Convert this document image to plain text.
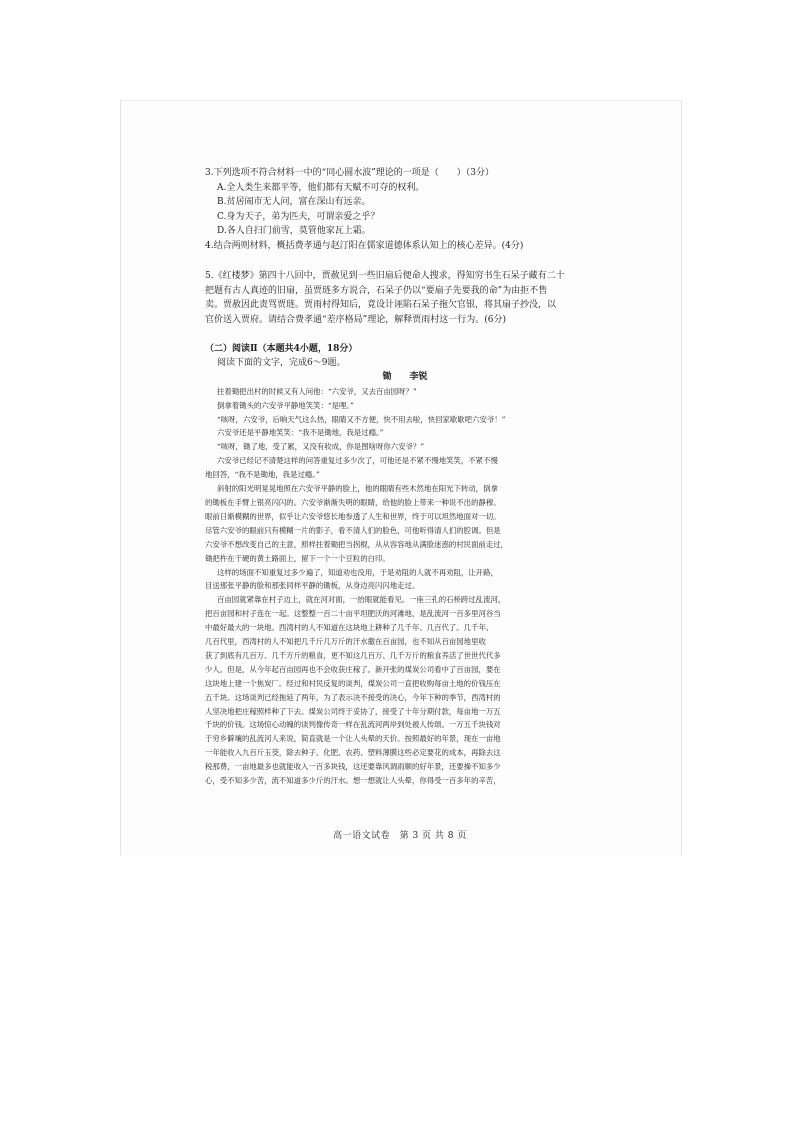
3.下列选项不符合材料一中的“同心圆水波”理论的一项是（　　）（3分）
A.全人类生来都平等，他们都有天赋不可夺的权利。
B.贫居闹市无人问，富在深山有远亲。
C.身为天子，弟为匹夫，可谓亲爱之乎？
D.各人自扫门前雪，莫管他家瓦上霜。
4.结合两则材料，概括费孝通与赵汀阳在儒家道德体系认知上的核心差异。(4分)
5.《红楼梦》第四十八回中，贾赦见到一些旧扇后便命人搜求，得知穷书生石呆子藏有二十
把题有古人真迹的旧扇，虽贾琏多方说合，石呆子仍以“要扇子先要我的命”为由拒不售
卖。贾赦因此责骂贾琏。贾雨村得知后，竟设计诬陷石呆子拖欠官银，将其扇子抄没，以
官价送入贾府。请结合费孝通“差序格局”理论，解释贾雨村这一行为。(6分)
（二）阅读Ⅱ（本题共4小题，18分）
阅读下面的文字，完成6～9题。
锄　　李锐
拄着锄把出村的时候又有人问他：“六安爷，又去百亩园呀？”
倒拿着锄头的六安爷平静地笑笑：“是哩。”
“咳呀，六安爷，后晌天气这么热，眼睛又不方便，快不用去啦，快回家歇歇吧六安爷！”
六安爷还是平静地笑笑：“我不是锄地，我是过瘾。”
“咳呀，锄了地，受了累，又没有收成，你是图啥呀你六安爷？”
六安爷已经记不清楚这样的问答重复过多少次了，可他还是不紧不慢地笑笑，不紧不慢
地回答，“我不是锄地，我是过瘾。”
斜射的阳光明晃晃地照在六安爷平静的脸上，他的眼睛有些木然地在阳光下转动，倒拿
的锄板在手臂上银亮闪闪的。六安爷渐渐失明的眼睛，给他的脸上带来一种说不出的静穆。
眼前日渐模糊的世界，似乎让六安爷悠长地参透了人生和世界，终于可以坦然地面对一切。
尽管六安爷的眼前只有模糊一片的影子，看不清人们的脸色，可他听得清人们的腔调。但是
六安爷不想改变自己的主意，照样拄着锄把当拐棍，从从容容地从满脸迷惑的村民面前走过，
锄把杵在干硬的黄土路面上，留下一个一个豆粒的白印。
这样的场面不知重复过多少遍了，知道劝也没用，于是劝阻的人就不再劝阻，让开路，
目送那张平静的脸和那张同样平静的锄板，从身边亮闪闪地走过。
百亩园就紧靠在村子边上，就在河对面，一抬眼就能看见。一座三孔的石桥跨过乱流河，
把百亩园和村子连在一起。这整整一百二十亩平坦肥沃的河滩地，是乱流河一百多里河谷当
中最好最大的一块地。西湾村的人不知道在这块地上耕种了几千年、几百代了。几千年、
几百代里，西湾村的人不知把几千斤几万斤的汗水撒在百亩园，也不知从百亩园地里收
获了到底有几百万、几千万斤的粮食，更不知这几百万、几千万斤的粮食养活了世世代代多
少人。但是，从今年起百亩园再也不会收获庄稼了。新开张的煤炭公司看中了百亩园，要在
这块地上建一个焦炭厂。经过和村民反复的谈判，煤炭公司一直把收购每亩土地的价钱压在
五千块。这场谈判已经拖延了两年，为了表示决不接受的决心，今年下种的季节，西湾村的
人坚决地把庄稼照样种了下去。煤炭公司终于妥协了，接受了十年分期付款，每亩地一万五
千块的价钱。这场惊心动魄的谈判像传奇一样在乱流河两岸到处被人传颂。一万五千块钱对
于穷乡僻壤的乱流河人来说，简直就是一个让人头晕的天价。按照最好的年景，现在一亩地
一年能收入九百斤玉茭，除去种子、化肥、农药、塑料薄膜这些必定要花的成本，再除去这
税那费，一亩地最多也就能收入一百多块钱，这还要靠风调雨顺的好年景，还要操不知多少
心，受不知多少苦，流不知道多少斤的汗水。想一想就让人头晕，你得受一百多年的辛苦，
高一语文试卷　第 3 页 共 8 页
